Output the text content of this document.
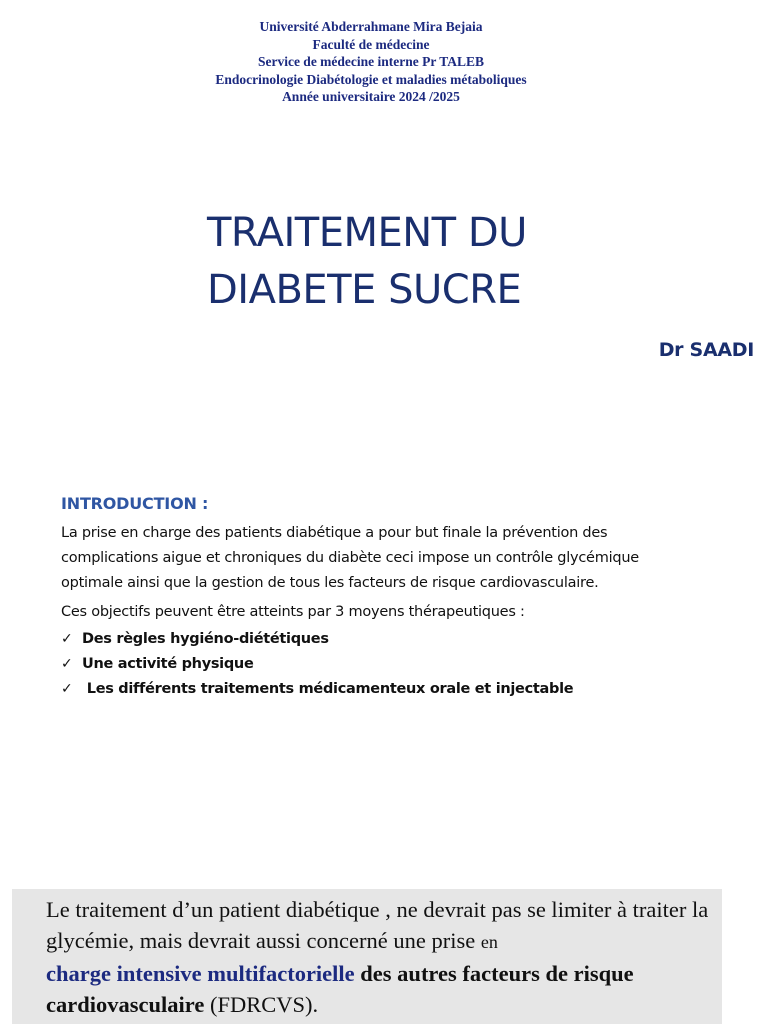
Université Abderrahmane Mira Bejaia
Faculté de médecine
Service de médecine interne Pr TALEB
Endocrinologie Diabétologie et maladies métaboliques
Année universitaire 2024 /2025
TRAITEMENT DU
DIABETE SUCRE
Dr SAADI

INTRODUCTION :

La prise en charge des patients diabétique a pour but finale la prévention des complications aigue et chroniques du diabète ceci impose un contrôle glycémique optimale ainsi que la gestion de tous les facteurs de risque cardiovasculaire.

Ces objectifs peuvent être atteints par 3 moyens thérapeutiques :

✓ Des règles hygiéno-diététiques
✓ Une activité physique
✓ Les différents traitements médicamenteux orale et injectable

Le traitement d’un patient diabétique , ne devrait pas se limiter à traiter la glycémie, mais devrait aussi concerné une prise en
charge intensive multifactorielle des autres facteurs de risque cardiovasculaire (FDRCVS).
